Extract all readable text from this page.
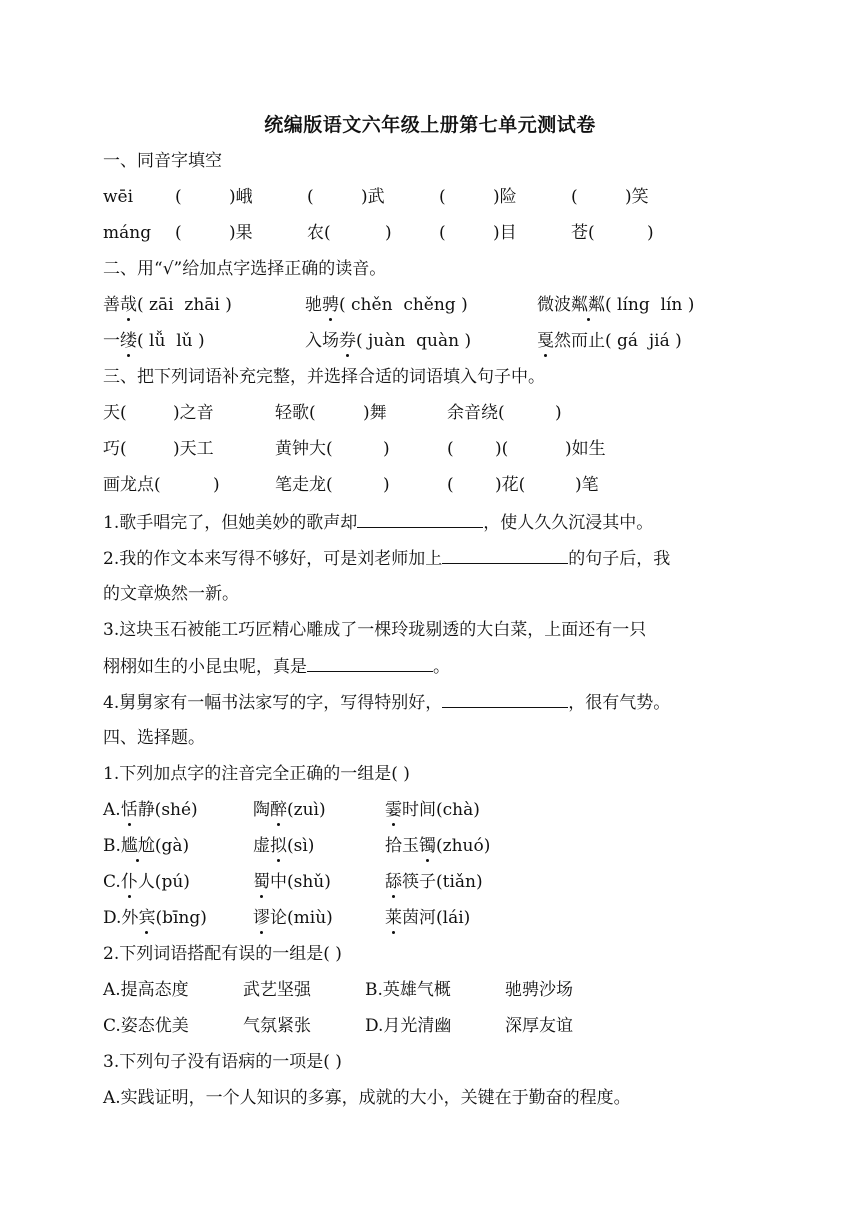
统编版语文六年级上册第七单元测试卷
一、同音字填空
wēi (	)峨	(	)武	(	)险	(	)笑
máng (	)果	农(	)	(	)目	苍(	)
二、用“√”给加点字选择正确的读音。
善哉( zāi  zhāi )	驰骋( chěn  chěng )	微波粼粼( líng  lín )
一缕( lǚ  lǔ )	入场券( juàn  quàn )	戛然而止( gá  jiá )
三、把下列词语补充完整，并选择合适的词语填入句子中。
天(	)之音	轻歌(	)舞	余音绕(	)
巧(	)天工	黄钟大(	)	( )(	)如生
画龙点(	)	笔走龙(	)	( )花(	)笔
1.歌手唱完了，但她美妙的歌声却	，使人久久沉浸其中。
2.我的作文本来写得不够好，可是刘老师加上	的句子后，我
的文章焕然一新。
3.这块玉石被能工巧匠精心雕成了一棵玲珑剔透的大白菜，上面还有一只
栩栩如生的小昆虫呢，真是	。
4.舅舅家有一幅书法家写的字，写得特别好，	，很有气势。
四、选择题。
1.下列加点字的注音完全正确的一组是( )
A.恬静(shé)	陶醉(zuì)	霎时间(chà)
B.尴尬(gà)	虚拟(sì)	拾玉镯(zhuó)
C.仆人(pú)	蜀中(shǔ)	舔筷子(tiǎn)
D.外宾(bīng)	谬论(miù)	莱茵河(lái)
2.下列词语搭配有误的一组是( )
A.提高态度	武艺坚强	B.英雄气概	驰骋沙场
C.姿态优美	气氛紧张	D.月光清幽	深厚友谊
3.下列句子没有语病的一项是( )
A.实践证明，一个人知识的多寡，成就的大小，关键在于勤奋的程度。
